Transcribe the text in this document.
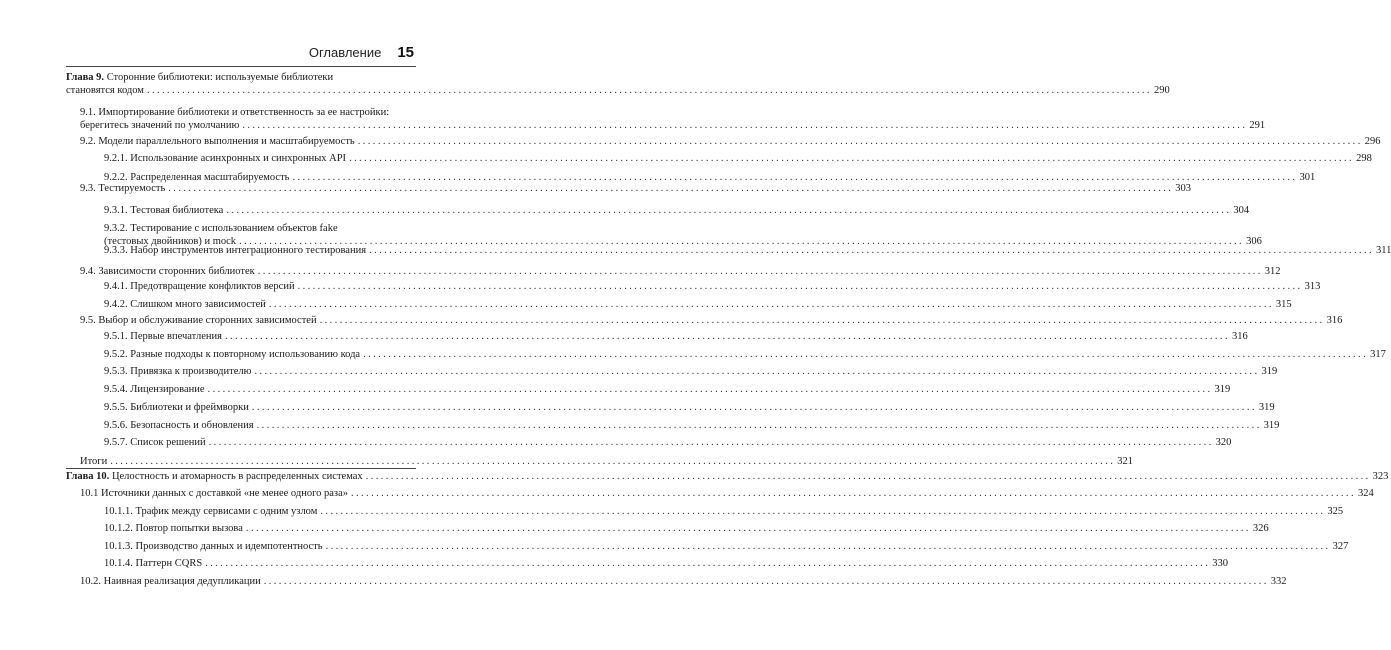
Оглавление 15
Глава 9. Сторонние библиотеки: используемые библиотеки
становятся кодом ........................................................................................................................................................................................................ 290
9.1. Импортирование библиотеки и ответственность за ее настройки:
берегитесь значений по умолчанию ........................................................................................................................................................................................................ 291
9.2. Модели параллельного выполнения и масштабируемость ........................................................................................................................................................................................................ 296
9.2.1. Использование асинхронных и синхронных API ........................................................................................................................................................................................................ 298
9.2.2. Распределенная масштабируемость ........................................................................................................................................................................................................ 301
9.3. Тестируемость ........................................................................................................................................................................................................ 303
9.3.1. Тестовая библиотека ........................................................................................................................................................................................................ 304
9.3.2. Тестирование с использованием объектов fake
(тестовых двойников) и mock ........................................................................................................................................................................................................ 306
9.3.3. Набор инструментов интеграционного тестирования ........................................................................................................................................................................................................ 311
9.4. Зависимости сторонних библиотек ........................................................................................................................................................................................................ 312
9.4.1. Предотвращение конфликтов версий ........................................................................................................................................................................................................ 313
9.4.2. Слишком много зависимостей ........................................................................................................................................................................................................ 315
9.5. Выбор и обслуживание сторонних зависимостей ........................................................................................................................................................................................................ 316
9.5.1. Первые впечатления ........................................................................................................................................................................................................ 316
9.5.2. Разные подходы к повторному использованию кода ........................................................................................................................................................................................................ 317
9.5.3. Привязка к производителю ........................................................................................................................................................................................................ 319
9.5.4. Лицензирование ........................................................................................................................................................................................................ 319
9.5.5. Библиотеки и фреймворки ........................................................................................................................................................................................................ 319
9.5.6. Безопасность и обновления ........................................................................................................................................................................................................ 319
9.5.7. Список решений ........................................................................................................................................................................................................ 320
Итоги ........................................................................................................................................................................................................ 321
Глава 10. Целостность и атомарность в распределенных системах ........................................................................................................................................................................................................ 323
10.1 Источники данных с доставкой «не менее одного раза» ........................................................................................................................................................................................................ 324
10.1.1. Трафик между сервисами с одним узлом ........................................................................................................................................................................................................ 325
10.1.2. Повтор попытки вызова ........................................................................................................................................................................................................ 326
10.1.3. Производство данных и идемпотентность ........................................................................................................................................................................................................ 327
10.1.4. Паттерн CQRS ........................................................................................................................................................................................................ 330
10.2. Наивная реализация дедупликации ........................................................................................................................................................................................................ 332
